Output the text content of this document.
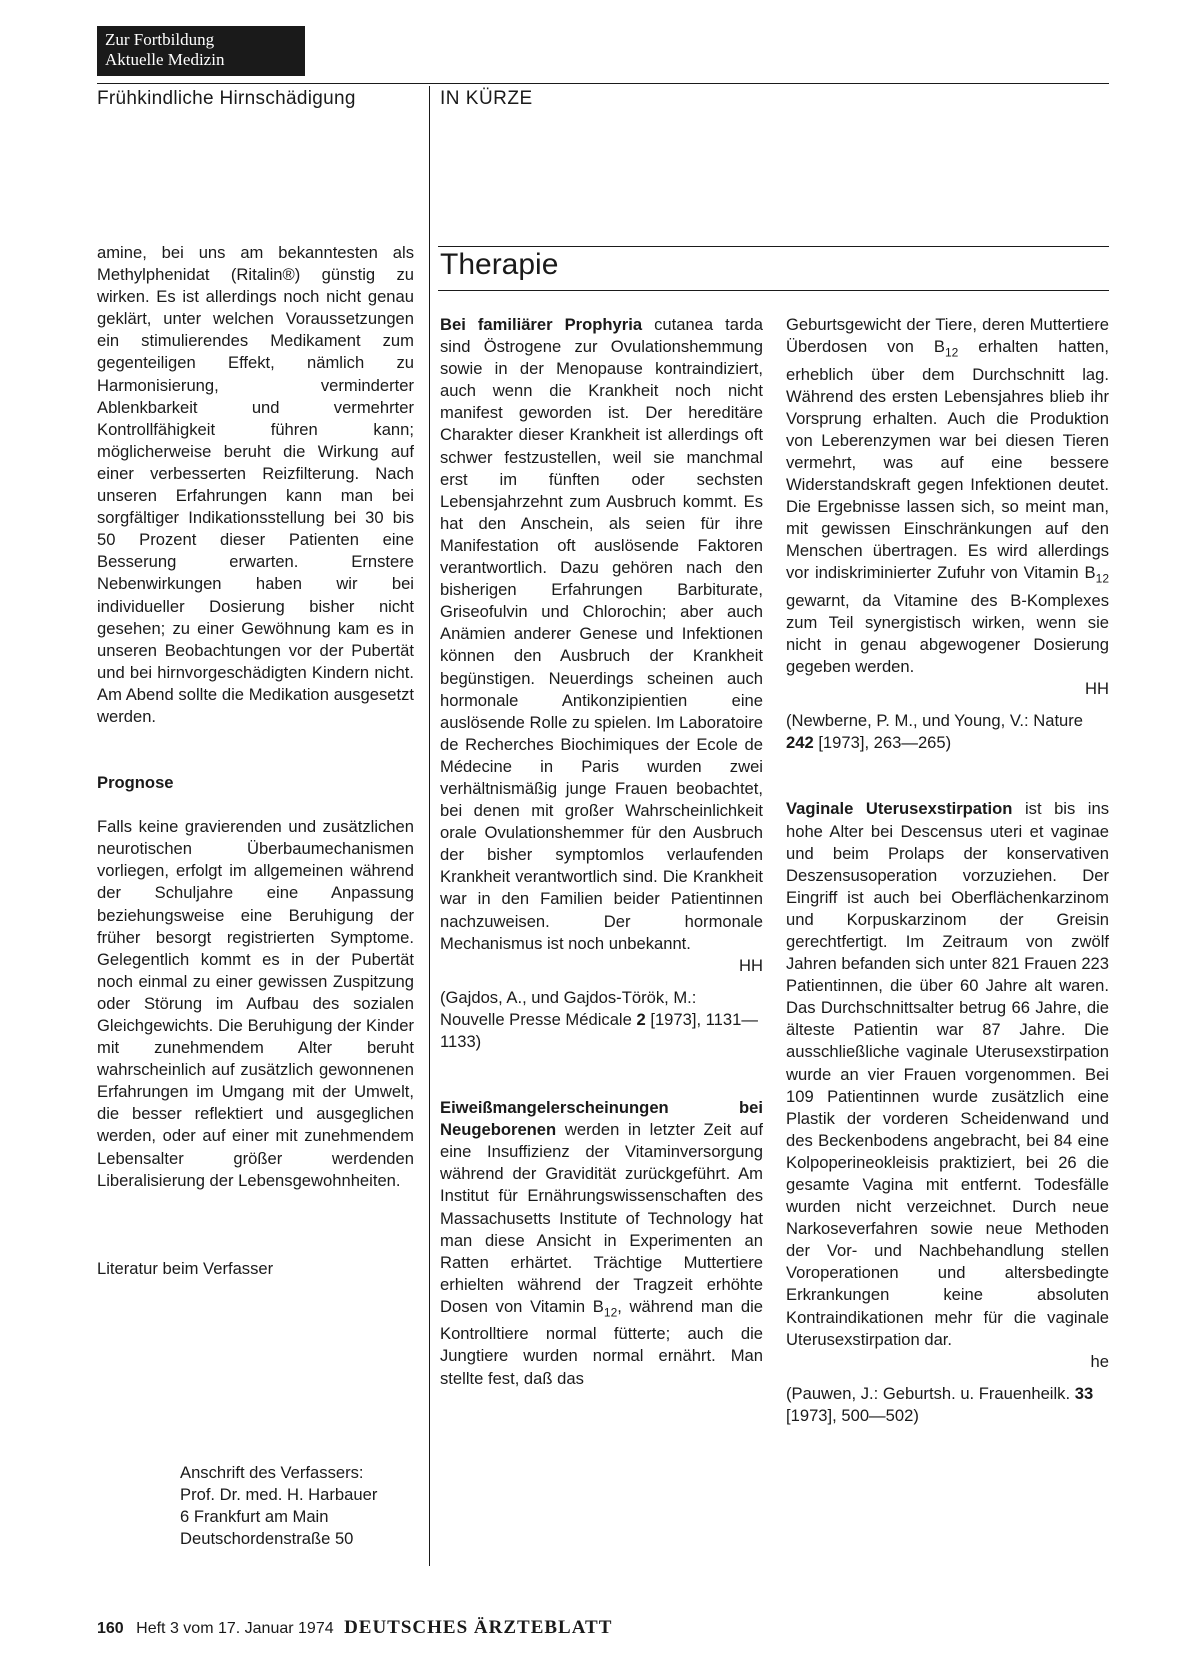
Zur Fortbildung
Aktuelle Medizin
Frühkindliche Hirnschädigung	IN KÜRZE
Therapie

amine, bei uns am bekanntesten als Methylphenidat (Ritalin®) günstig zu wirken. Es ist allerdings noch nicht genau geklärt, unter welchen Voraussetzungen ein stimulierendes Medikament zum gegenteiligen Effekt, nämlich zu Harmonisierung, verminderter Ablenkbarkeit und vermehrter Kontrollfähigkeit führen kann; möglicherweise beruht die Wirkung auf einer verbesserten Reizfilterung. Nach unseren Erfahrungen kann man bei sorgfältiger Indikationsstellung bei 30 bis 50 Prozent dieser Patienten eine Besserung erwarten. Ernstere Nebenwirkungen haben wir bei individueller Dosierung bisher nicht gesehen; zu einer Gewöhnung kam es in unseren Beobachtungen vor der Pubertät und bei hirnvorgeschädigten Kindern nicht. Am Abend sollte die Medikation ausgesetzt werden.

Prognose

Falls keine gravierenden und zusätzlichen neurotischen Überbaumechanismen vorliegen, erfolgt im allgemeinen während der Schuljahre eine Anpassung beziehungsweise eine Beruhigung der früher besorgt registrierten Symptome. Gelegentlich kommt es in der Pubertät noch einmal zu einer gewissen Zuspitzung oder Störung im Aufbau des sozialen Gleichgewichts. Die Beruhigung der Kinder mit zunehmendem Alter beruht wahrscheinlich auf zusätzlich gewonnenen Erfahrungen im Umgang mit der Umwelt, die besser reflektiert und ausgeglichen werden, oder auf einer mit zunehmendem Lebensalter größer werdenden Liberalisierung der Lebensgewohnheiten.

Literatur beim Verfasser

Anschrift des Verfassers:
Prof. Dr. med. H. Harbauer
6 Frankfurt am Main
Deutschordenstraße 50

Bei familiärer Prophyria cutanea tarda sind Östrogene zur Ovulationshemmung sowie in der Menopause kontraindiziert, auch wenn die Krankheit noch nicht manifest geworden ist. Der hereditäre Charakter dieser Krankheit ist allerdings oft schwer festzustellen, weil sie manchmal erst im fünften oder sechsten Lebensjahrzehnt zum Ausbruch kommt. Es hat den Anschein, als seien für ihre Manifestation oft auslösende Faktoren verantwortlich. Dazu gehören nach den bisherigen Erfahrungen Barbiturate, Griseofulvin und Chlorochin; aber auch Anämien anderer Genese und Infektionen können den Ausbruch der Krankheit begünstigen. Neuerdings scheinen auch hormonale Antikonzipientien eine auslösende Rolle zu spielen. Im Laboratoire de Recherches Biochimiques der Ecole de Médecine in Paris wurden zwei verhältnismäßig junge Frauen beobachtet, bei denen mit großer Wahrscheinlichkeit orale Ovulationshemmer für den Ausbruch der bisher symptomlos verlaufenden Krankheit verantwortlich sind. Die Krankheit war in den Familien beider Patientinnen nachzuweisen. Der hormonale Mechanismus ist noch unbekannt.

HH

(Gajdos, A., und Gajdos-Török, M.: Nouvelle Presse Médicale 2 [1973], 1131—1133)

Eiweißmangelerscheinungen bei Neugeborenen werden in letzter Zeit auf eine Insuffizienz der Vitaminversorgung während der Gravidität zurückgeführt. Am Institut für Ernährungswissenschaften des Massachusetts Institute of Technology hat man diese Ansicht in Experimenten an Ratten erhärtet. Trächtige Muttertiere erhielten während der Tragzeit erhöhte Dosen von Vitamin $B_{12}$, während man die Kontrolltiere normal fütterte; auch die Jungtiere wurden normal ernährt. Man stellte fest, daß das

Geburtsgewicht der Tiere, deren Muttertiere Überdosen von $B_{12}$ erhalten hatten, erheblich über dem Durchschnitt lag. Während des ersten Lebensjahres blieb ihr Vorsprung erhalten. Auch die Produktion von Leberenzymen war bei diesen Tieren vermehrt, was auf eine bessere Widerstandskraft gegen Infektionen deutet. Die Ergebnisse lassen sich, so meint man, mit gewissen Einschränkungen auf den Menschen übertragen. Es wird allerdings vor indiskriminierter Zufuhr von Vitamin $B_{12}$ gewarnt, da Vitamine des B-Komplexes zum Teil synergistisch wirken, wenn sie nicht in genau abgewogener Dosierung gegeben werden.

HH

(Newberne, P. M., und Young, V.: Nature 242 [1973], 263—265)

Vaginale Uterusexstirpation ist bis ins hohe Alter bei Descensus uteri et vaginae und beim Prolaps der konservativen Deszensusoperation vorzuziehen. Der Eingriff ist auch bei Oberflächenkarzinom und Korpuskarzinom der Greisin gerechtfertigt. Im Zeitraum von zwölf Jahren befanden sich unter 821 Frauen 223 Patientinnen, die über 60 Jahre alt waren. Das Durchschnittsalter betrug 66 Jahre, die älteste Patientin war 87 Jahre. Die ausschließliche vaginale Uterusexstirpation wurde an vier Frauen vorgenommen. Bei 109 Patientinnen wurde zusätzlich eine Plastik der vorderen Scheidenwand und des Beckenbodens angebracht, bei 84 eine Kolpoperineokleisis praktiziert, bei 26 die gesamte Vagina mit entfernt. Todesfälle wurden nicht verzeichnet. Durch neue Narkoseverfahren sowie neue Methoden der Vor- und Nachbehandlung stellen Voroperationen und altersbedingte Erkrankungen keine absoluten Kontraindikationen mehr für die vaginale Uterusexstirpation dar.

he

(Pauwen, J.: Geburtsh. u. Frauenheilk. 33 [1973], 500—502)

160 Heft 3 vom 17. Januar 1974 DEUTSCHES ÄRZTEBLATT
